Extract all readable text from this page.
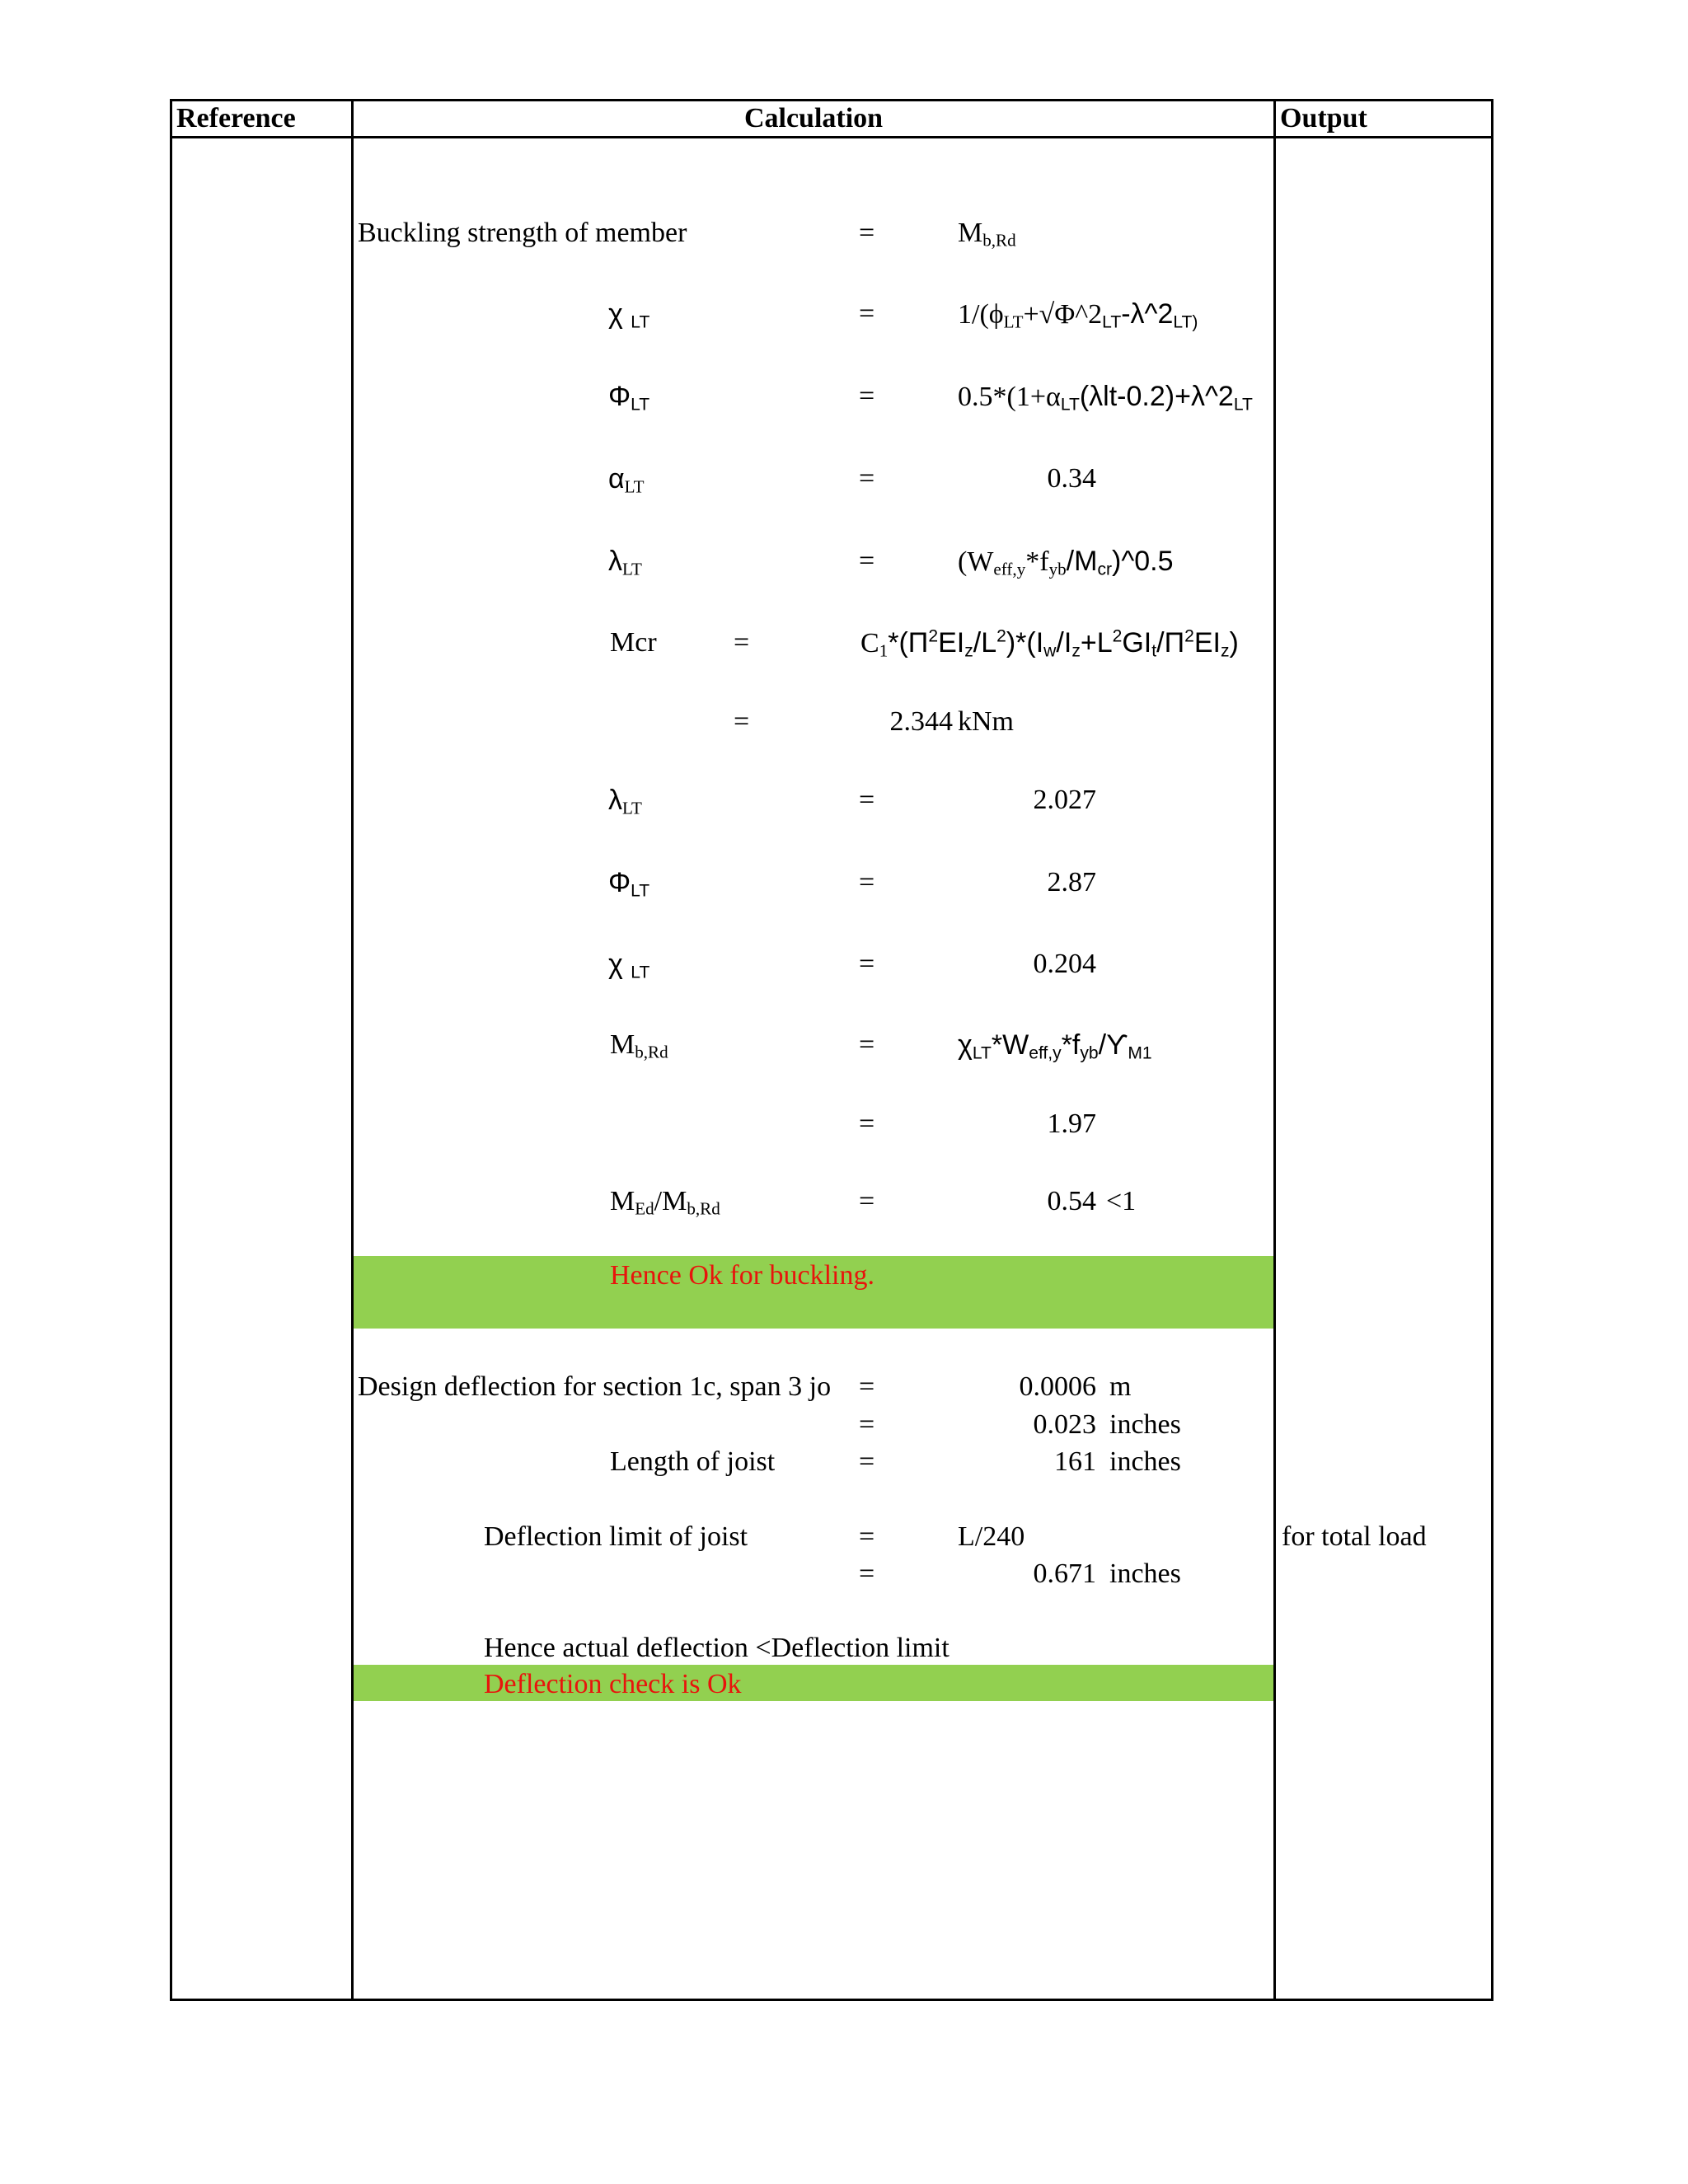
Reference	Calculation	Output
Buckling strength of member	=	$M_{b,Rd}$
χ $_{LT}$	=	$1/(\phi_{LT}+√\Phi\^{}2_{LT}-\lambda\^{}2_{LT)}$
$\Phi_{LT}$	=	$0.5*(1+\alpha_{LT}(\lambda lt-0.2)+\lambda\^{}2_{LT}$
$\alpha_{LT}$	=	0.34
$\lambda_{LT}$	=	$(W_{eff,y}*f_{yb}/M_{cr})\^{}0.5$
Mcr	=	$C_1*(\Pi^2EI_z/L^2)*(I_w/I_z+L^2GI_t/\Pi^2EI_z)$
=	2.344 kNm
$\lambda_{LT}$	=	2.027
$\Phi_{LT}$	=	2.87
χ $_{LT}$	=	0.204
$M_{b,Rd}$	=	$\chi_{LT}*W_{eff,y}*f_{yb}/ϒ_{M1}$
=	1.97
$M_{Ed}/M_{b,Rd}$	=	0.54 <1
Hence Ok for buckling.
Design deflection for section 1c, span 3 jo =	0.0006 m
=	0.023 inches
Length of joist	=	161 inches
Deflection limit of joist	=	L/240	for total load
=	0.671 inches
Hence actual deflection <Deflection limit
Deflection check is Ok
